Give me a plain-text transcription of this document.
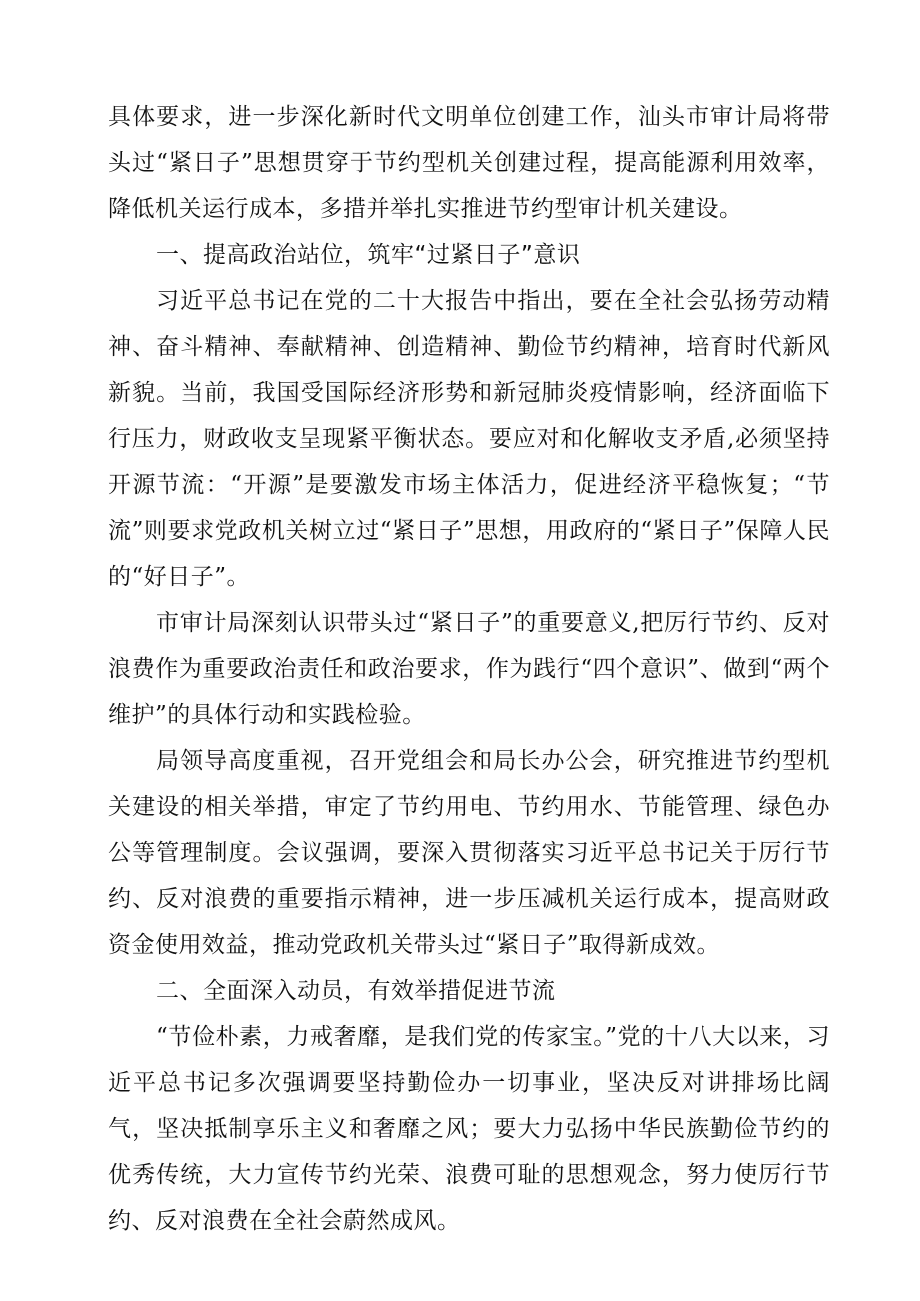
具体要求，进一步深化新时代文明单位创建工作，汕头市审计局将带头过“紧日子”思想贯穿于节约型机关创建过程，提高能源利用效率，降低机关运行成本，多措并举扎实推进节约型审计机关建设。

一、提高政治站位，筑牢“过紧日子”意识

习近平总书记在党的二十大报告中指出，要在全社会弘扬劳动精神、奋斗精神、奉献精神、创造精神、勤俭节约精神，培育时代新风新貌。当前，我国受国际经济形势和新冠肺炎疫情影响，经济面临下行压力，财政收支呈现紧平衡状态。要应对和化解收支矛盾,必须坚持开源节流：“开源”是要激发市场主体活力，促进经济平稳恢复；“节流”则要求党政机关树立过“紧日子”思想，用政府的“紧日子”保障人民的“好日子”。

市审计局深刻认识带头过“紧日子”的重要意义,把厉行节约、反对浪费作为重要政治责任和政治要求，作为践行“四个意识”、做到“两个维护”的具体行动和实践检验。

局领导高度重视，召开党组会和局长办公会，研究推进节约型机关建设的相关举措，审定了节约用电、节约用水、节能管理、绿色办公等管理制度。会议强调，要深入贯彻落实习近平总书记关于厉行节约、反对浪费的重要指示精神，进一步压减机关运行成本，提高财政资金使用效益，推动党政机关带头过“紧日子”取得新成效。

二、全面深入动员，有效举措促进节流

“节俭朴素，力戒奢靡，是我们党的传家宝。”党的十八大以来，习近平总书记多次强调要坚持勤俭办一切事业，坚决反对讲排场比阔气，坚决抵制享乐主义和奢靡之风；要大力弘扬中华民族勤俭节约的优秀传统，大力宣传节约光荣、浪费可耻的思想观念，努力使厉行节约、反对浪费在全社会蔚然成风。
